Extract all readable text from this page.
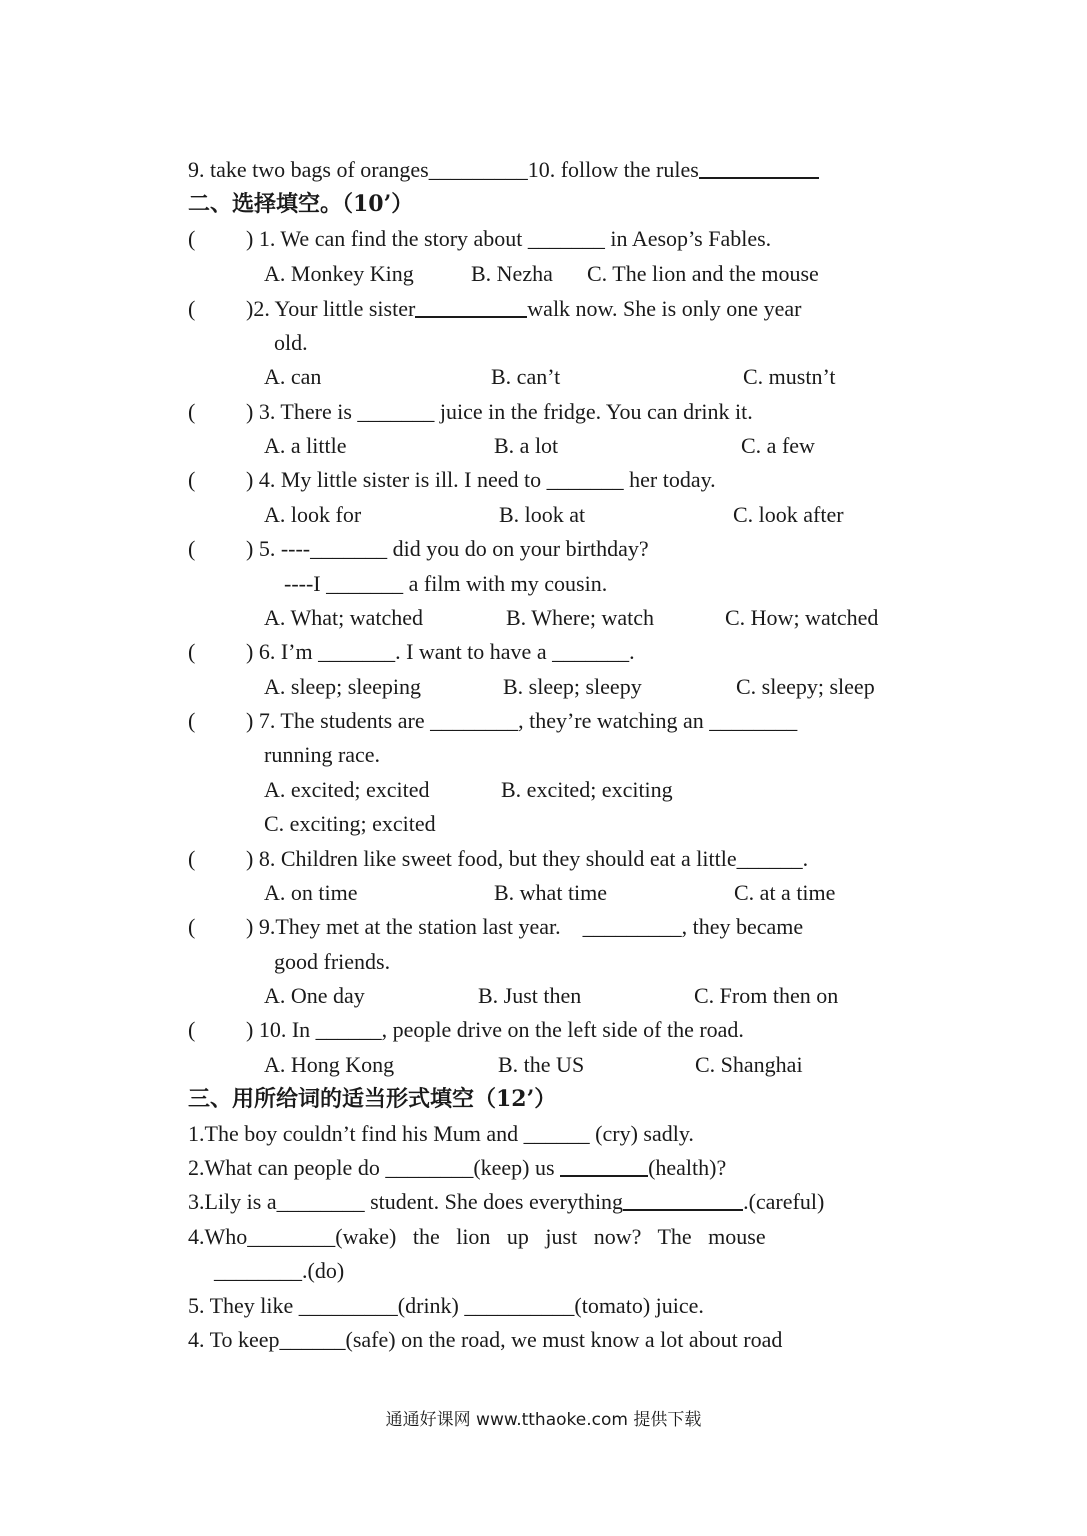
9. take two bags of oranges_________10. follow the rules
二、选择填空。（10’）
( ) 1. We can find the story about _______ in Aesop’s Fables.
A. Monkey King	B. Nezha C. The lion and the mouse
( )2. Your little sister	walk now. She is only one year
old.
A. can	B. can’t	C. mustn’t
( ) 3. There is _______ juice in the fridge. You can drink it.
A. a little	B. a lot	C. a few
( ) 4. My little sister is ill. I need to _______ her today.
A. look for	B. look at	C. look after
( ) 5. ----_______ did you do on your birthday?
----I _______ a film with my cousin.
A. What; watched	B. Where; watch	C. How; watched
( ) 6. I’m _______. I want to have a _______.
A. sleep; sleeping	B. sleep; sleepy	C. sleepy; sleep
( ) 7. The students are ________, they’re watching an ________
running race.
A. excited; excited	B. excited; exciting
C. exciting; excited
( ) 8. Children like sweet food, but they should eat a little______.
A. on time	B. what time	C. at a time
( ) 9.They met at the station last year.    _________, they became
good friends.
A. One day	B. Just then	C. From then on
( ) 10. In ______, people drive on the left side of the road.
A. Hong Kong	B. the US	C. Shanghai
三、用所给词的适当形式填空（12’）
1.The boy couldn’t find his Mum and ______ (cry) sadly.
2.What can people do ________(keep) us	(health)?
3.Lily is a________ student. She does everything	.(careful)
4.Who________(wake)   the   lion   up   just   now?   The   mouse
________.(do)
5. They like _________(drink) __________(tomato) juice.
4. To keep______(safe) on the road, we must know a lot about road
通通好课网 www.tthaoke.com 提供下载
